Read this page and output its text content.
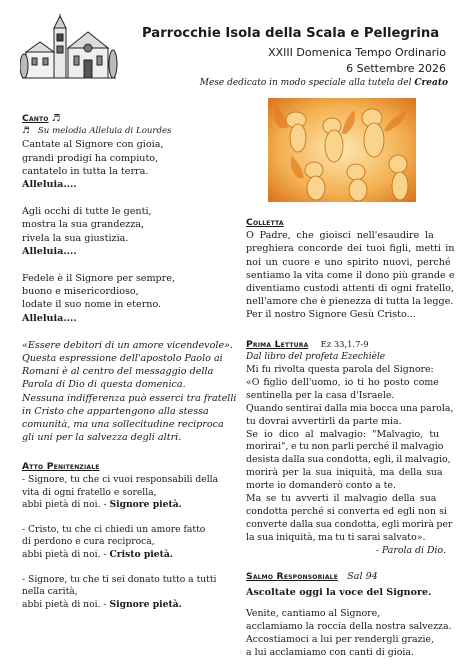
Parrocchie Isola della Scala e Pellegrina
XXIII Domenica Tempo Ordinario
6 Settembre 2026
Mese dedicato in modo speciale alla tutela del Creato
Canto ♬
♬ Su melodia Alleluia di Lourdes
Cantate al Signore con gioia,
grandi prodigi ha compiuto,
cantatelo in tutta la terra.
Alleluia....
Agli occhi di tutte le genti,
mostra la sua grandezza,
rivela la sua giustizia.
Alleluia....
Fedele è il Signore per sempre,
buono e misericordioso,
lodate il suo nome in eterno.
Alleluia....
«Essere debitori di un amore vicendevole».
Questa espressione dell'apostolo Paolo ai
Romani è al centro del messaggio della
Parola di Dio di questa domenica.
Nessuna indifferenza può esserci tra fratelli
in Cristo che appartengono alla stessa
comunità, ma una sollecitudine reciproca
gli uni per la salvezza degli altri.
Atto Penitenziale
- Signore, tu che ci vuoi responsabili della
vita di ogni fratello e sorella,
abbi pietà di noi. - Signore pietà.
- Cristo, tu che ci chiedi un amore fatto
di perdono e cura reciproca,
abbi pietà di noi. - Cristo pietà.
- Signore, tu che ti sei donato tutto a tutti
nella carità,
abbi pietà di noi. - Signore pietà.
Colletta
O Padre, che gioisci nell'esaudire la
preghiera concorde dei tuoi figli, metti in
noi un cuore e uno spirito nuovi, perché
sentiamo la vita come il dono più grande e
diventiamo custodi attenti di ogni fratello,
nell'amore che è pienezza di tutta la legge.
Per il nostro Signore Gesù Cristo...
Prima Lettura Ez 33,1.7-9
Dal libro del profeta Ezechièle
Mi fu rivolta questa parola del Signore:
«O figlio dell'uomo, io ti ho posto come
sentinella per la casa d'Israele.
Quando sentirai dalla mia bocca una parola,
tu dovrai avvertirli da parte mia.
Se io dico al malvagio: "Malvagio, tu
morirai", e tu non parli perché il malvagio
desista dalla sua condotta, egli, il malvagio,
morirà per la sua iniquità, ma della sua
morte io domanderò conto a te.
Ma se tu avverti il malvagio della sua
condotta perché si converta ed egli non si
converte dalla sua condotta, egli morirà per
la sua iniquità, ma tu ti sarai salvato».
- Parola di Dio.
Salmo Responsoriale Sal 94
Ascoltate oggi la voce del Signore.
Venite, cantiamo al Signore,
acclamiamo la roccia della nostra salvezza.
Accostiamoci a lui per rendergli grazie,
a lui acclamiamo con canti di gioia.
